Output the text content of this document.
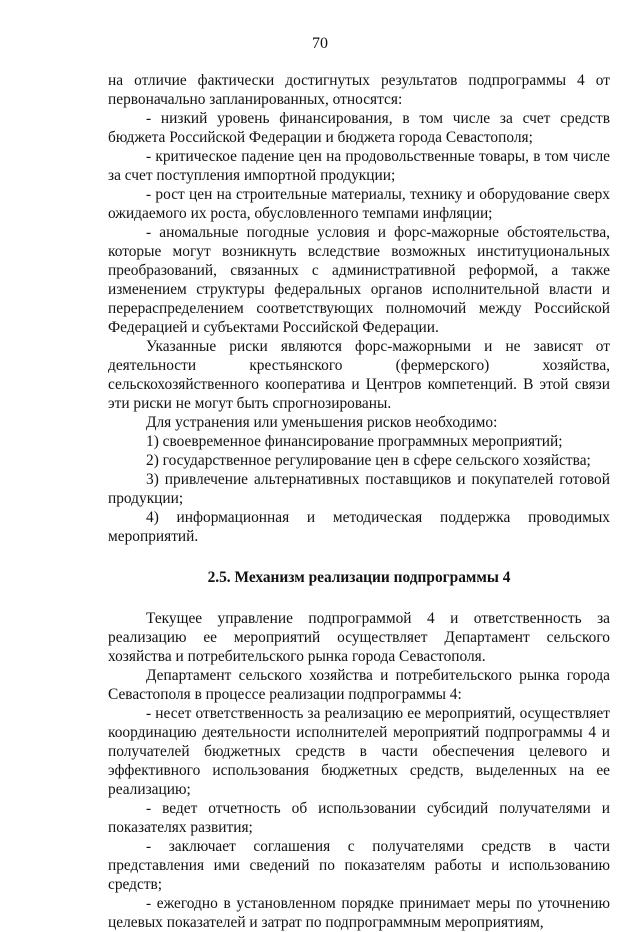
70

на отличие фактически достигнутых результатов подпрограммы 4 от первоначально запланированных, относятся:

- низкий уровень финансирования, в том числе за счет средств бюджета Российской Федерации и бюджета города Севастополя;

- критическое падение цен на продовольственные товары, в том числе за счет поступления импортной продукции;

- рост цен на строительные материалы, технику и оборудование сверх ожидаемого их роста, обусловленного темпами инфляции;

- аномальные погодные условия и форс-мажорные обстоятельства, которые могут возникнуть вследствие возможных институциональных преобразований, связанных с административной реформой, а также изменением структуры федеральных органов исполнительной власти и перераспределением соответствующих полномочий между Российской Федерацией и субъектами Российской Федерации.

Указанные риски являются форс-мажорными и не зависят от деятельности крестьянского (фермерского) хозяйства, сельскохозяйственного кооператива и Центров компетенций. В этой связи эти риски не могут быть спрогнозированы.

Для устранения или уменьшения рисков необходимо:

1) своевременное финансирование программных мероприятий;

2) государственное регулирование цен в сфере сельского хозяйства;

3) привлечение альтернативных поставщиков и покупателей готовой продукции;

4) информационная и методическая поддержка проводимых мероприятий.

2.5. Механизм реализации подпрограммы 4

Текущее управление подпрограммой 4 и ответственность за реализацию ее мероприятий осуществляет Департамент сельского хозяйства и потребительского рынка города Севастополя.

Департамент сельского хозяйства и потребительского рынка города Севастополя в процессе реализации подпрограммы 4:

- несет ответственность за реализацию ее мероприятий, осуществляет координацию деятельности исполнителей мероприятий подпрограммы 4 и получателей бюджетных средств в части обеспечения целевого и эффективного использования бюджетных средств, выделенных на ее реализацию;

- ведет отчетность об использовании субсидий получателями и показателях развития;

- заключает соглашения с получателями средств в части представления ими сведений по показателям работы и использованию средств;

- ежегодно в установленном порядке принимает меры по уточнению целевых показателей и затрат по подпрограммным мероприятиям,
